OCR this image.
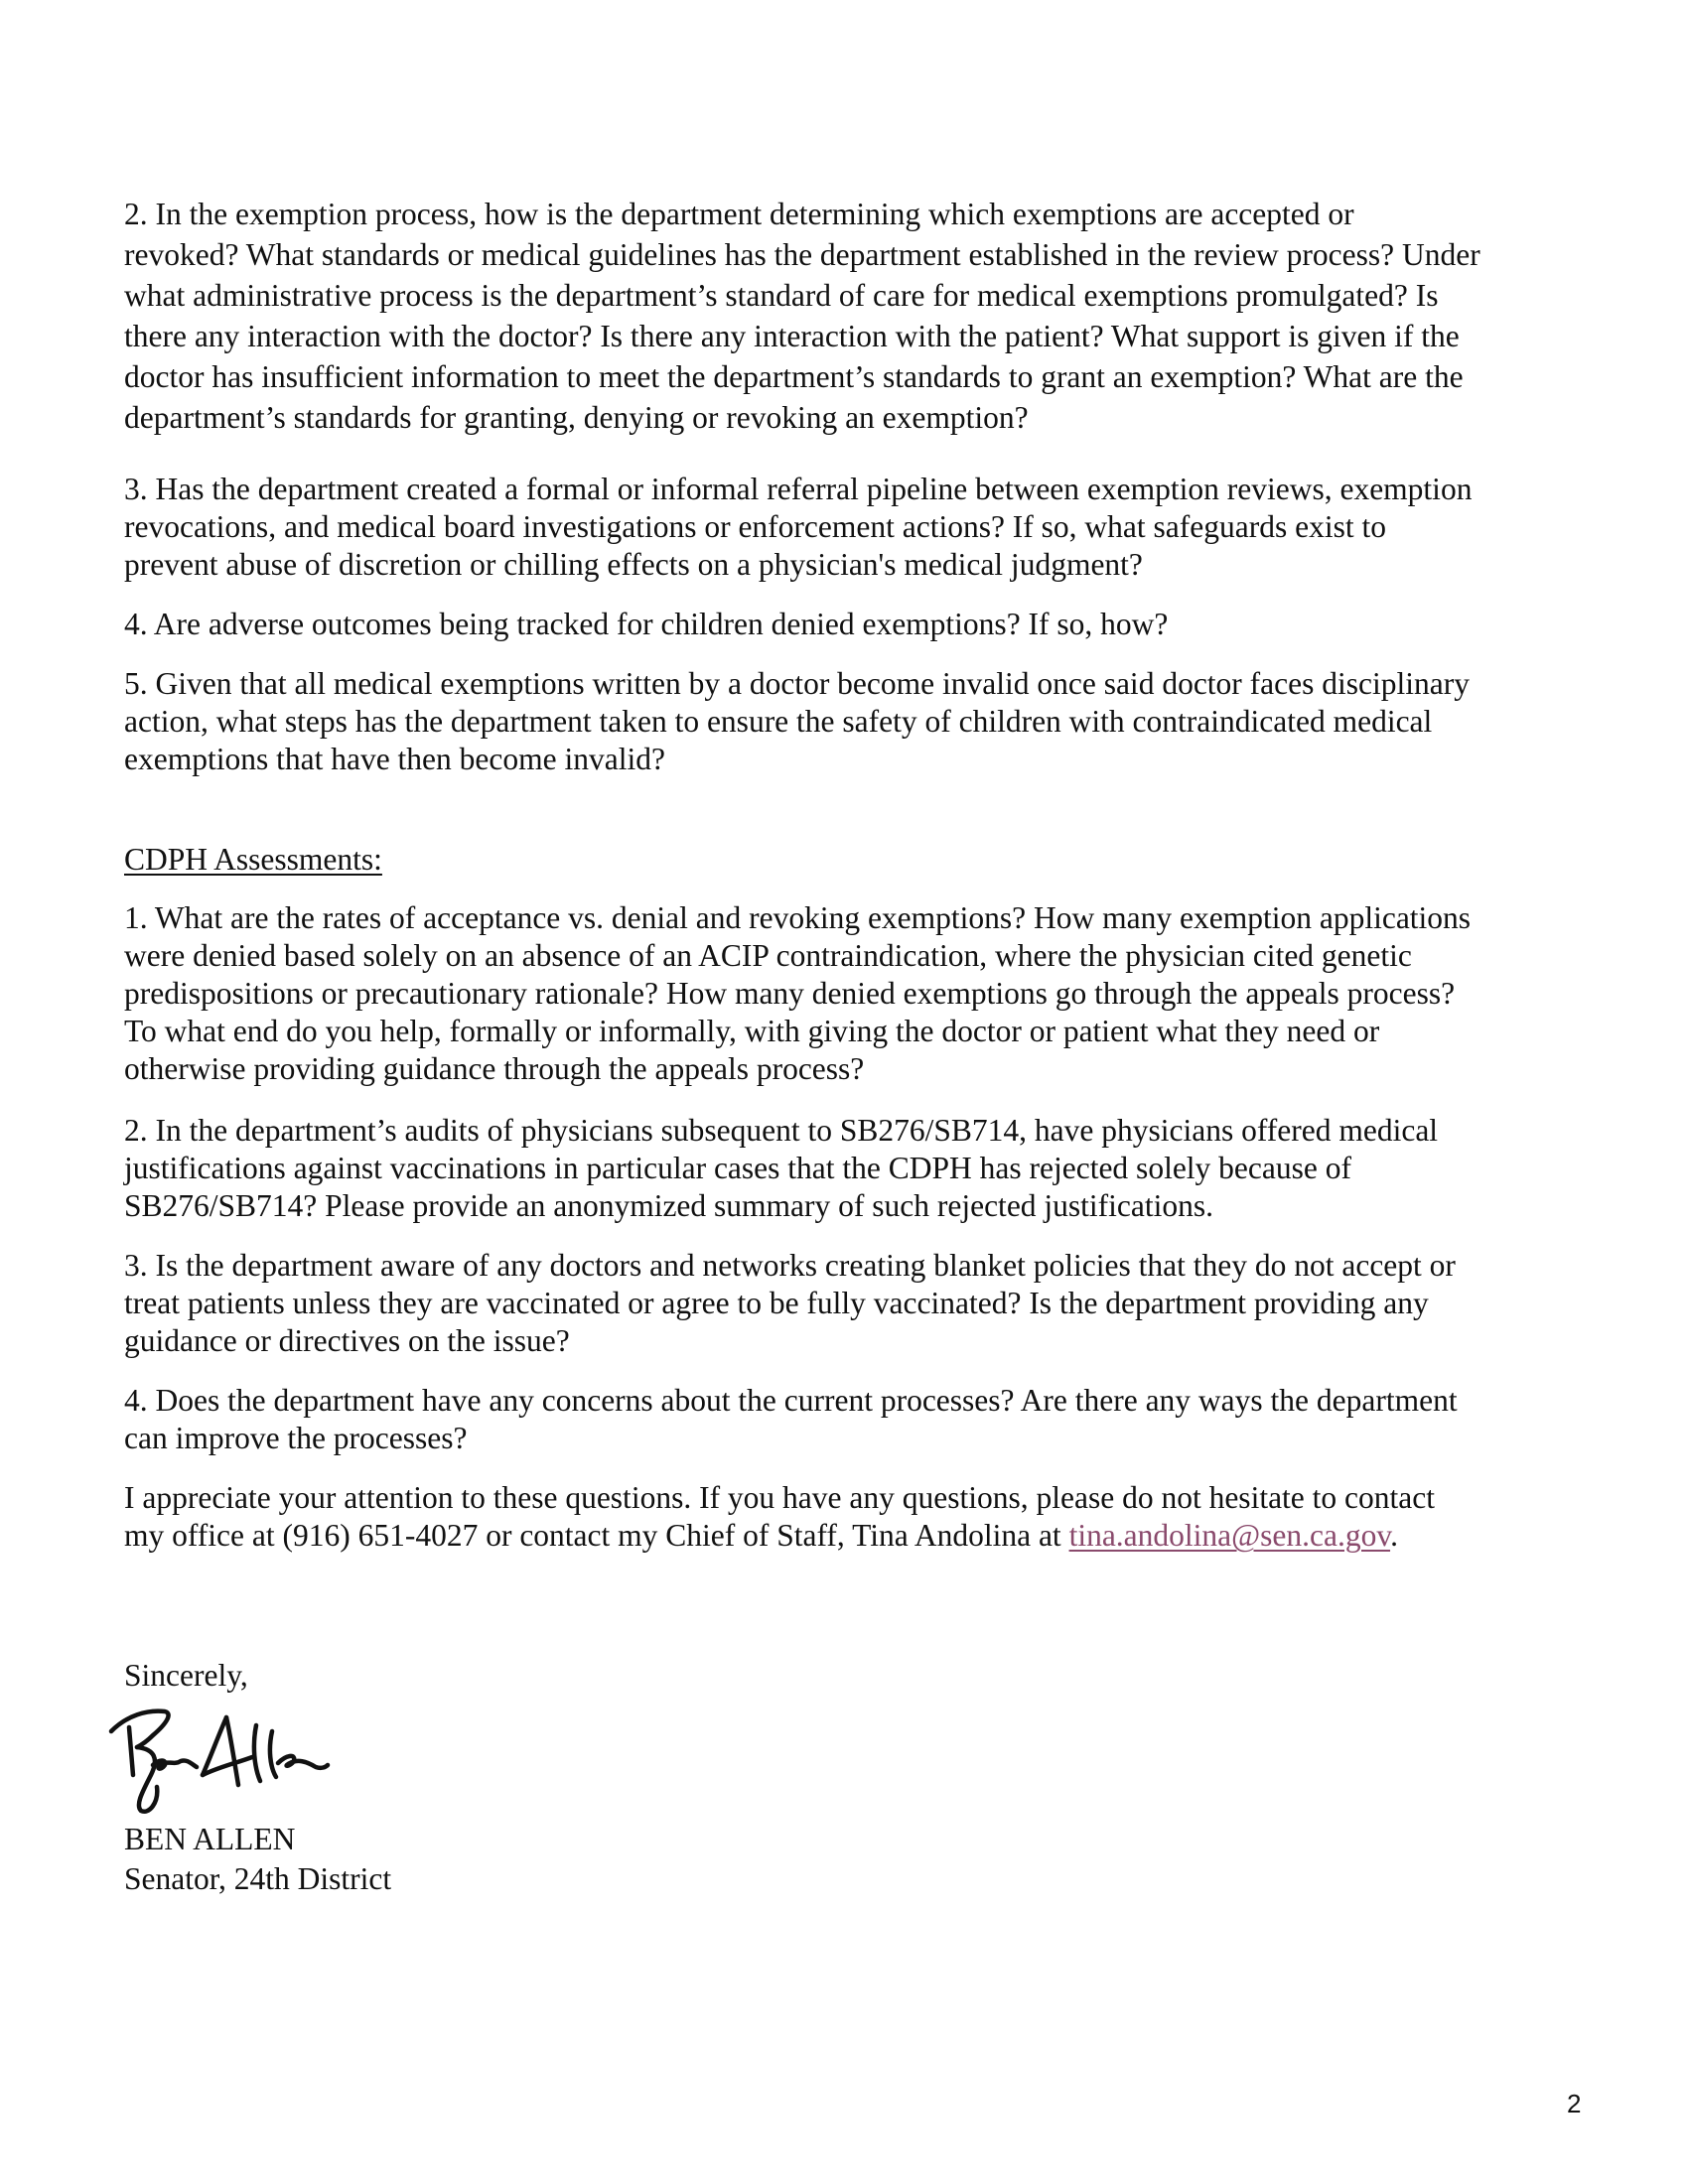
2. In the exemption process, how is the department determining which exemptions are accepted or
revoked? What standards or medical guidelines has the department established in the review process? Under
what administrative process is the department’s standard of care for medical exemptions promulgated? Is
there any interaction with the doctor? Is there any interaction with the patient? What support is given if the
doctor has insufficient information to meet the department’s standards to grant an exemption? What are the
department’s standards for granting, denying or revoking an exemption?
3. Has the department created a formal or informal referral pipeline between exemption reviews, exemption
revocations, and medical board investigations or enforcement actions? If so, what safeguards exist to
prevent abuse of discretion or chilling effects on a physician's medical judgment?
4. Are adverse outcomes being tracked for children denied exemptions? If so, how?
5. Given that all medical exemptions written by a doctor become invalid once said doctor faces disciplinary
action, what steps has the department taken to ensure the safety of children with contraindicated medical
exemptions that have then become invalid?
CDPH Assessments:
1. What are the rates of acceptance vs. denial and revoking exemptions? How many exemption applications
were denied based solely on an absence of an ACIP contraindication, where the physician cited genetic
predispositions or precautionary rationale? How many denied exemptions go through the appeals process?
To what end do you help, formally or informally, with giving the doctor or patient what they need or
otherwise providing guidance through the appeals process?
2. In the department’s audits of physicians subsequent to SB276/SB714, have physicians offered medical
justifications against vaccinations in particular cases that the CDPH has rejected solely because of
SB276/SB714? Please provide an anonymized summary of such rejected justifications.
3. Is the department aware of any doctors and networks creating blanket policies that they do not accept or
treat patients unless they are vaccinated or agree to be fully vaccinated? Is the department providing any
guidance or directives on the issue?
4. Does the department have any concerns about the current processes? Are there any ways the department
can improve the processes?
I appreciate your attention to these questions. If you have any questions, please do not hesitate to contact
my office at (916) 651-4027 or contact my Chief of Staff, Tina Andolina at tina.andolina@sen.ca.gov.
Sincerely,
BEN ALLEN
Senator, 24th District
2
